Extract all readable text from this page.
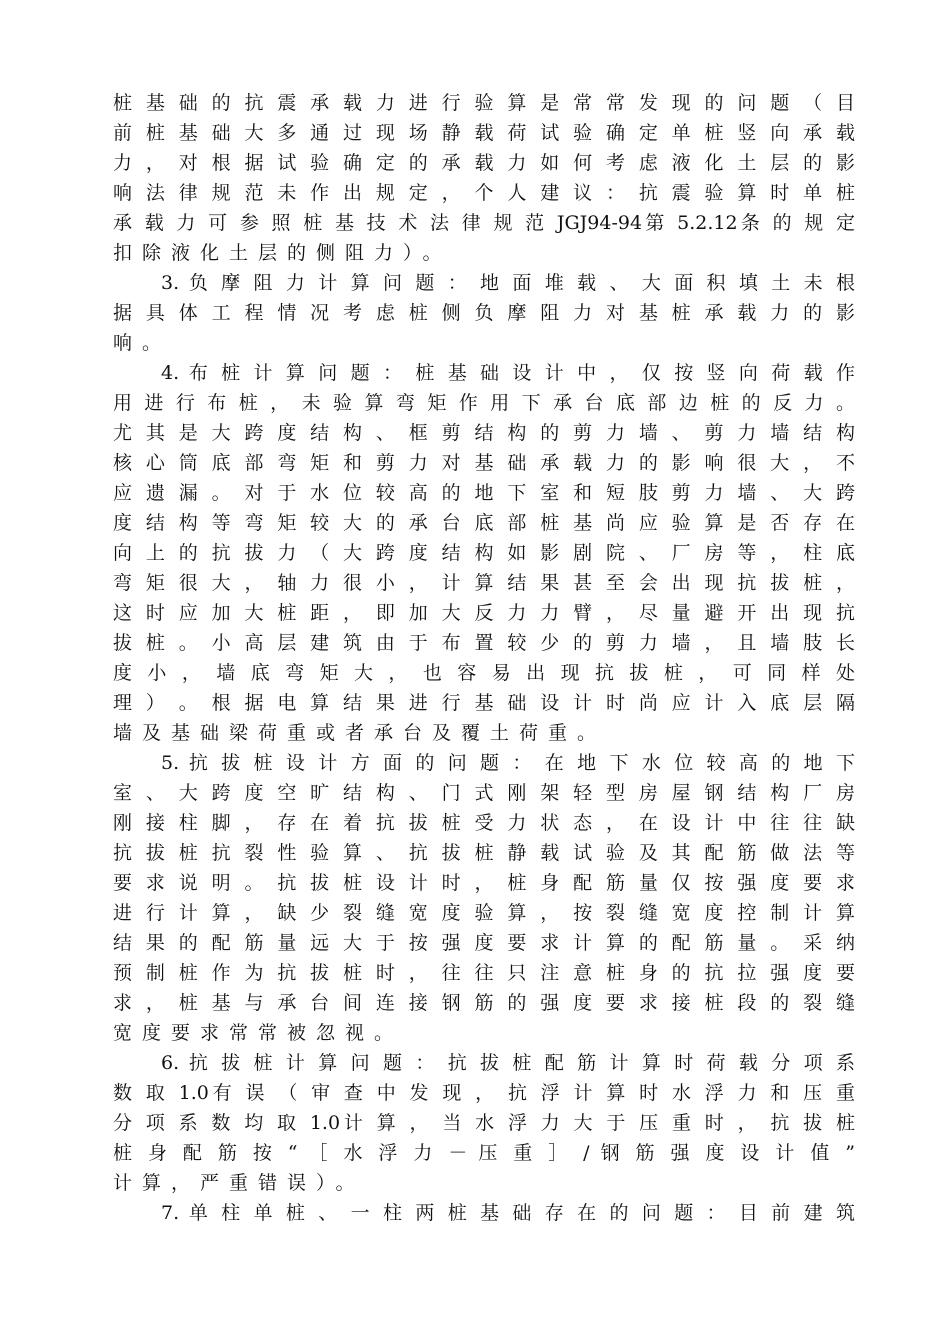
桩 基 础 的 抗 震 承 载 力 进 行 验 算 是 常 常 发 现 的 问 题 （ 目
前 桩 基 础 大 多 通 过 现 场 静 载 荷 试 验 确 定 单 桩 竖 向 承 载
力 ， 对 根 据 试 验 确 定 的 承 载 力 如 何 考 虑 液 化 土 层 的 影
响 法 律 规 范 未 作 出 规 定 ， 个 人 建 议 ： 抗 震 验 算 时 单 桩
承 载 力 可 参 照 桩 基 技 术 法 律 规 范 JGJ94-94第 5.2.12条 的 规 定
扣除液化土层的侧阻力）。
3. 负 摩 阻 力 计 算 问 题 ： 地 面 堆 载 、 大 面 积 填 土 未 根
据 具 体 工 程 情 况 考 虑 桩 侧 负 摩 阻 力 对 基 桩 承 载 力 的 影
响。
4. 布 桩 计 算 问 题 ： 桩 基 础 设 计 中 ， 仅 按 竖 向 荷 载 作
用 进 行 布 桩 ， 未 验 算 弯 矩 作 用 下 承 台 底 部 边 桩 的 反 力 。
尤 其 是 大 跨 度 结 构 、 框 剪 结 构 的 剪 力 墙 、 剪 力 墙 结 构
核 心 筒 底 部 弯 矩 和 剪 力 对 基 础 承 载 力 的 影 响 很 大 ， 不
应 遗 漏 。 对 于 水 位 较 高 的 地 下 室 和 短 肢 剪 力 墙 、 大 跨
度 结 构 等 弯 矩 较 大 的 承 台 底 部 桩 基 尚 应 验 算 是 否 存 在
向 上 的 抗 拔 力 （ 大 跨 度 结 构 如 影 剧 院 、 厂 房 等 ， 柱 底
弯 矩 很 大 ， 轴 力 很 小 ， 计 算 结 果 甚 至 会 出 现 抗 拔 桩 ，
这 时 应 加 大 桩 距 ， 即 加 大 反 力 力 臂 ， 尽 量 避 开 出 现 抗
拔 桩 。 小 高 层 建 筑 由 于 布 置 较 少 的 剪 力 墙 ， 且 墙 肢 长
度 小 ， 墙 底 弯 矩 大 ， 也 容 易 出 现 抗 拔 桩 ， 可 同 样 处
理 ） 。 根 据 电 算 结 果 进 行 基 础 设 计 时 尚 应 计 入 底 层 隔
墙及基础梁荷重或者承台及覆土荷重。
5. 抗 拔 桩 设 计 方 面 的 问 题 ： 在 地 下 水 位 较 高 的 地 下
室 、 大 跨 度 空 旷 结 构 、 门 式 刚 架 轻 型 房 屋 钢 结 构 厂 房
刚 接 柱 脚 ， 存 在 着 抗 拔 桩 受 力 状 态 ， 在 设 计 中 往 往 缺
抗 拔 桩 抗 裂 性 验 算 、 抗 拔 桩 静 载 试 验 及 其 配 筋 做 法 等
要 求 说 明 。 抗 拔 桩 设 计 时 ， 桩 身 配 筋 量 仅 按 强 度 要 求
进 行 计 算 ， 缺 少 裂 缝 宽 度 验 算 ， 按 裂 缝 宽 度 控 制 计 算
结 果 的 配 筋 量 远 大 于 按 强 度 要 求 计 算 的 配 筋 量 。 采 纳
预 制 桩 作 为 抗 拔 桩 时 ， 往 往 只 注 意 桩 身 的 抗 拉 强 度 要
求 ， 桩 基 与 承 台 间 连 接 钢 筋 的 强 度 要 求 接 桩 段 的 裂 缝
宽度要求常常被忽视。
6. 抗 拔 桩 计 算 问 题 ： 抗 拔 桩 配 筋 计 算 时 荷 载 分 项 系
数 取 1.0有 误 （ 审 查 中 发 现 ， 抗 浮 计 算 时 水 浮 力 和 压 重
分 项 系 数 均 取 1.0计 算 ， 当 水 浮 力 大 于 压 重 时 ， 抗 拔 桩
桩 身 配 筋 按 “ ［ 水 浮 力 － 压 重 ］ / 钢 筋 强 度 设 计 值 ”
计算，严重错误）。
7. 单 柱 单 桩 、 一 柱 两 桩 基 础 存 在 的 问 题 ： 目 前 建 筑
